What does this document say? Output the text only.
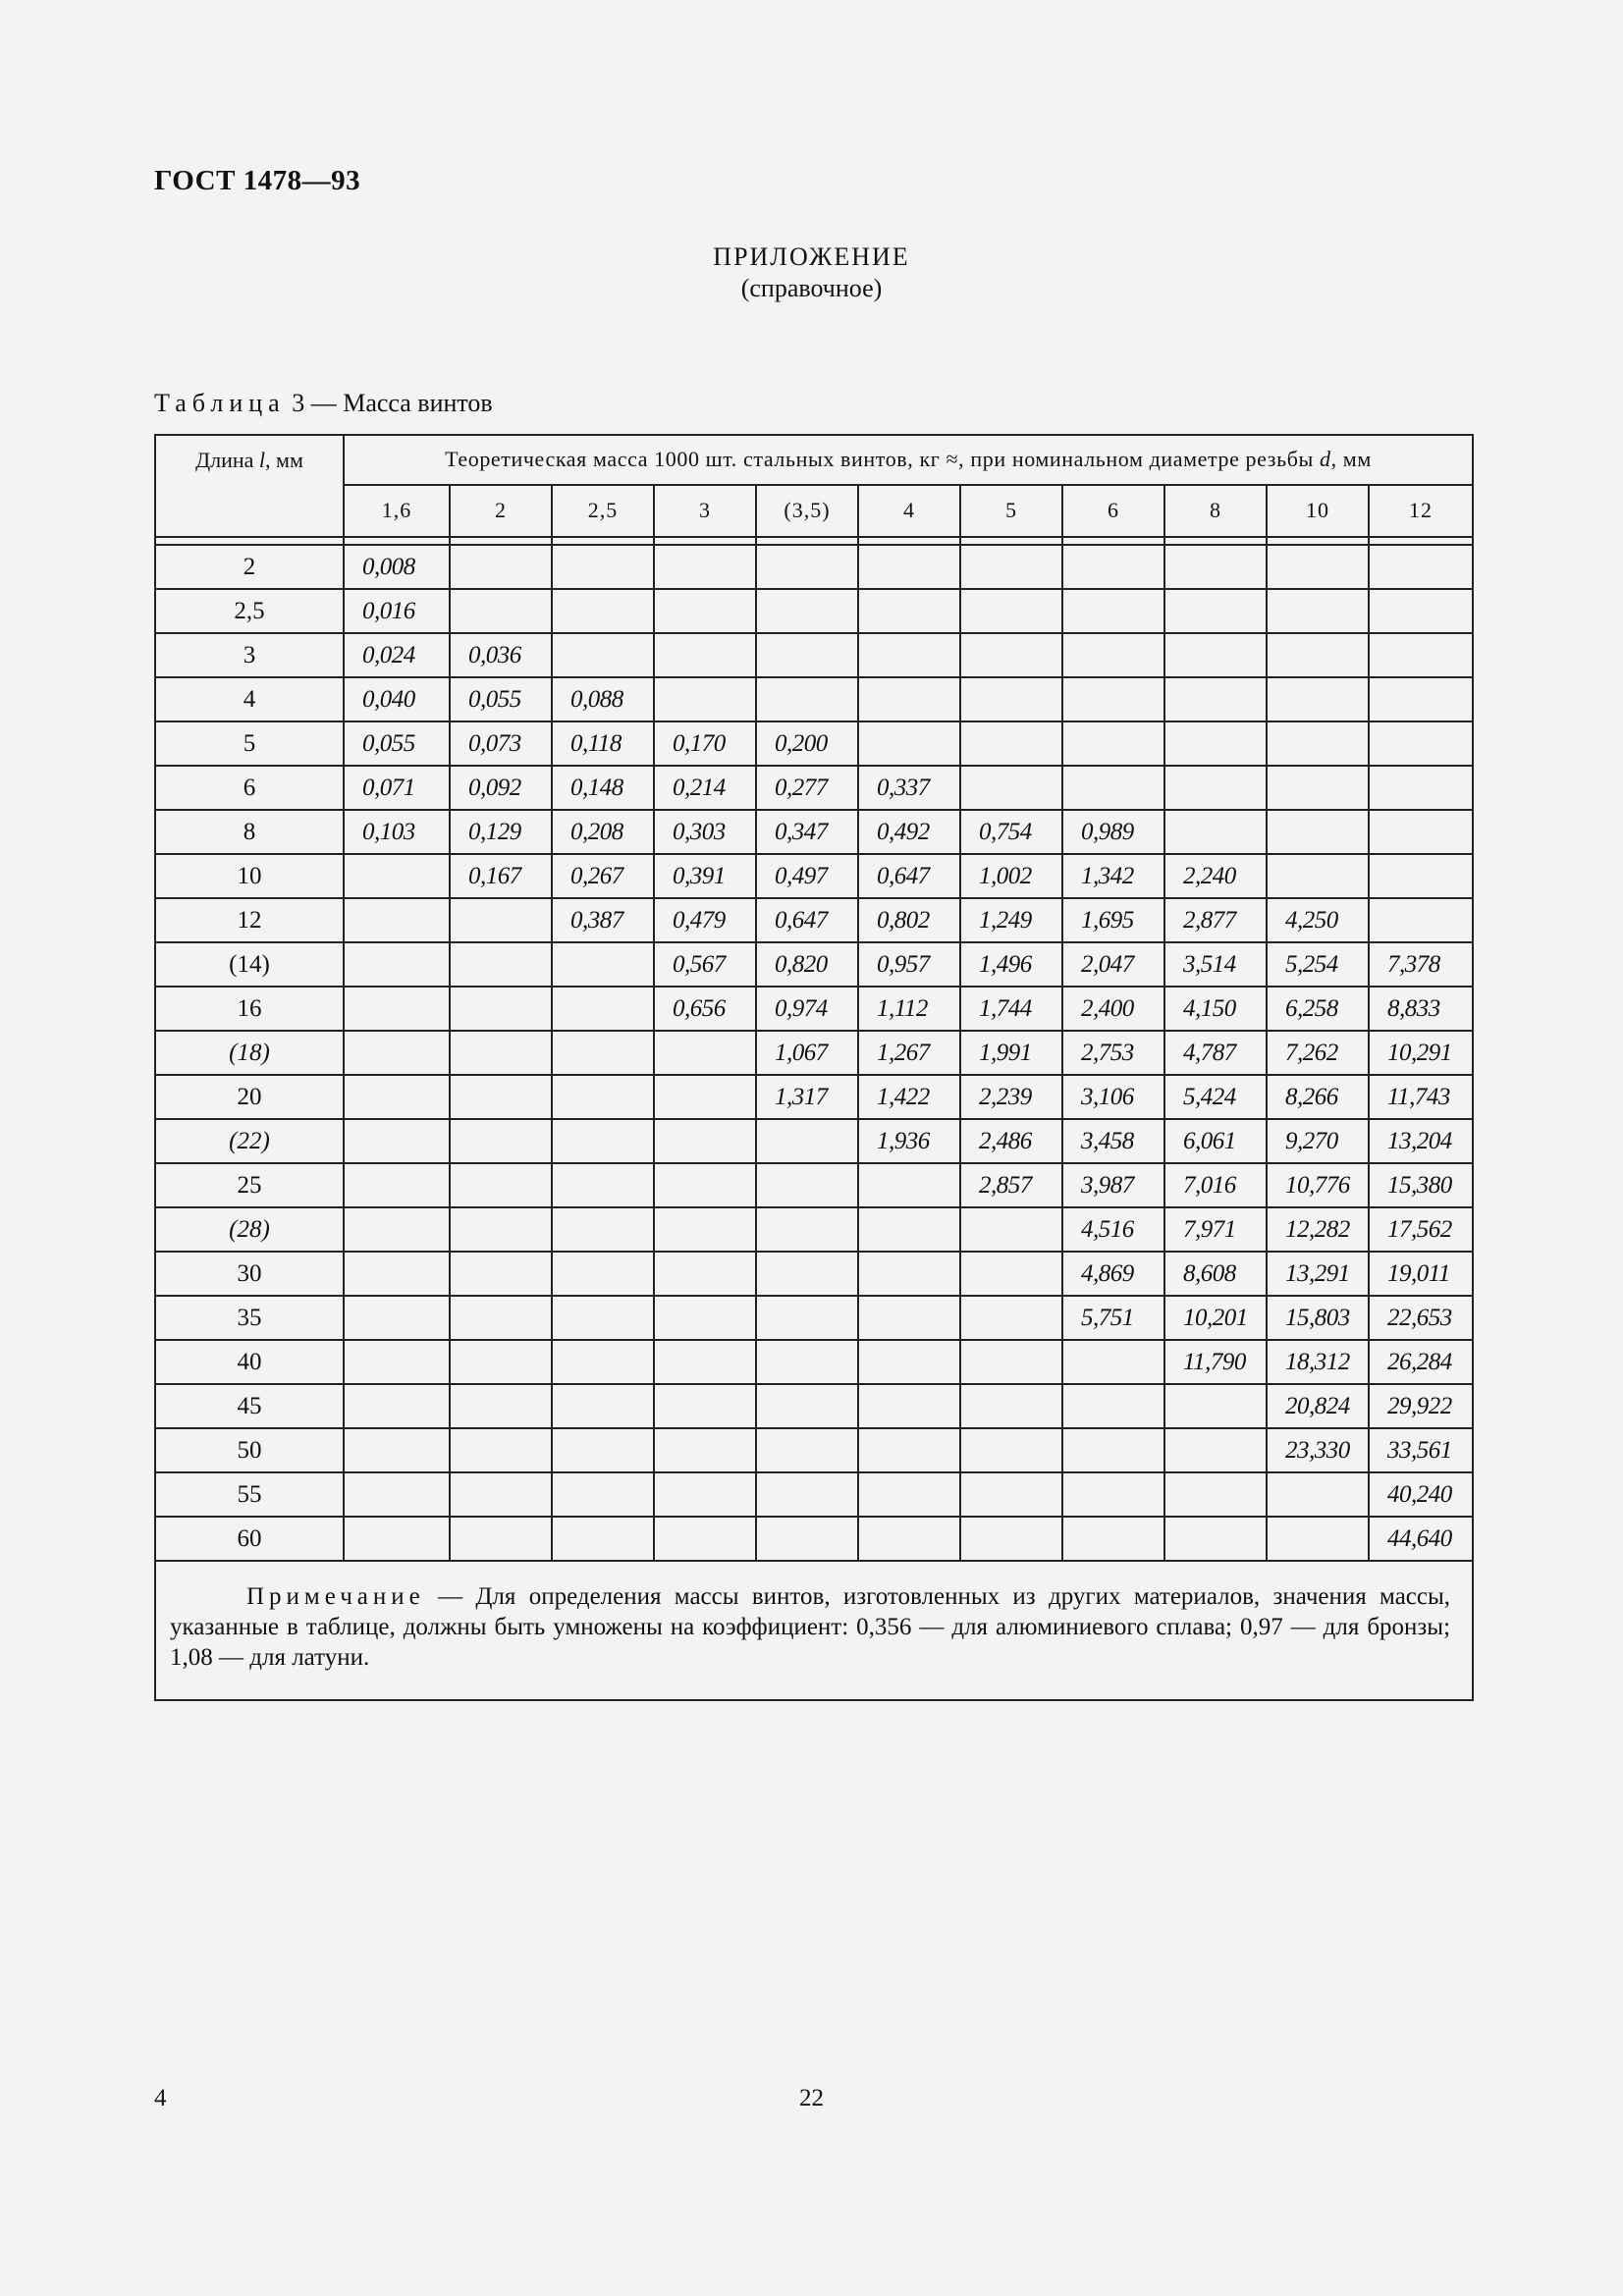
ГОСТ 1478—93
ПРИЛОЖЕНИЕ
(справочное)
Таблица 3 — Масса винтов
Длина l, мм	Теоретическая масса 1000 шт. стальных винтов, кг ≈, при номинальном диаметре резьбы d, мм										
	1,6	2	2,5	3	(3,5)	4	5	6	8	10	12

2	0,008										
2,5	0,016										
3	0,024	0,036									
4	0,040	0,055	0,088								
5	0,055	0,073	0,118	0,170	0,200						
6	0,071	0,092	0,148	0,214	0,277	0,337					
8	0,103	0,129	0,208	0,303	0,347	0,492	0,754	0,989			
10		0,167	0,267	0,391	0,497	0,647	1,002	1,342	2,240		
12			0,387	0,479	0,647	0,802	1,249	1,695	2,877	4,250	
(14)				0,567	0,820	0,957	1,496	2,047	3,514	5,254	7,378
16				0,656	0,974	1,112	1,744	2,400	4,150	6,258	8,833
(18)					1,067	1,267	1,991	2,753	4,787	7,262	10,291
20					1,317	1,422	2,239	3,106	5,424	8,266	11,743
(22)						1,936	2,486	3,458	6,061	9,270	13,204
25							2,857	3,987	7,016	10,776	15,380
(28)								4,516	7,971	12,282	17,562
30								4,869	8,608	13,291	19,011
35								5,751	10,201	15,803	22,653
40									11,790	18,312	26,284
45										20,824	29,922
50										23,330	33,561
55											40,240
60											44,640
Примечание — Для определения массы винтов, изготовленных из других материалов, значения массы, указанные в таблице, должны быть умножены на коэффициент: 0,356 — для алюминиевого сплава; 0,97 — для бронзы; 1,08 — для латуни.											
4	22
